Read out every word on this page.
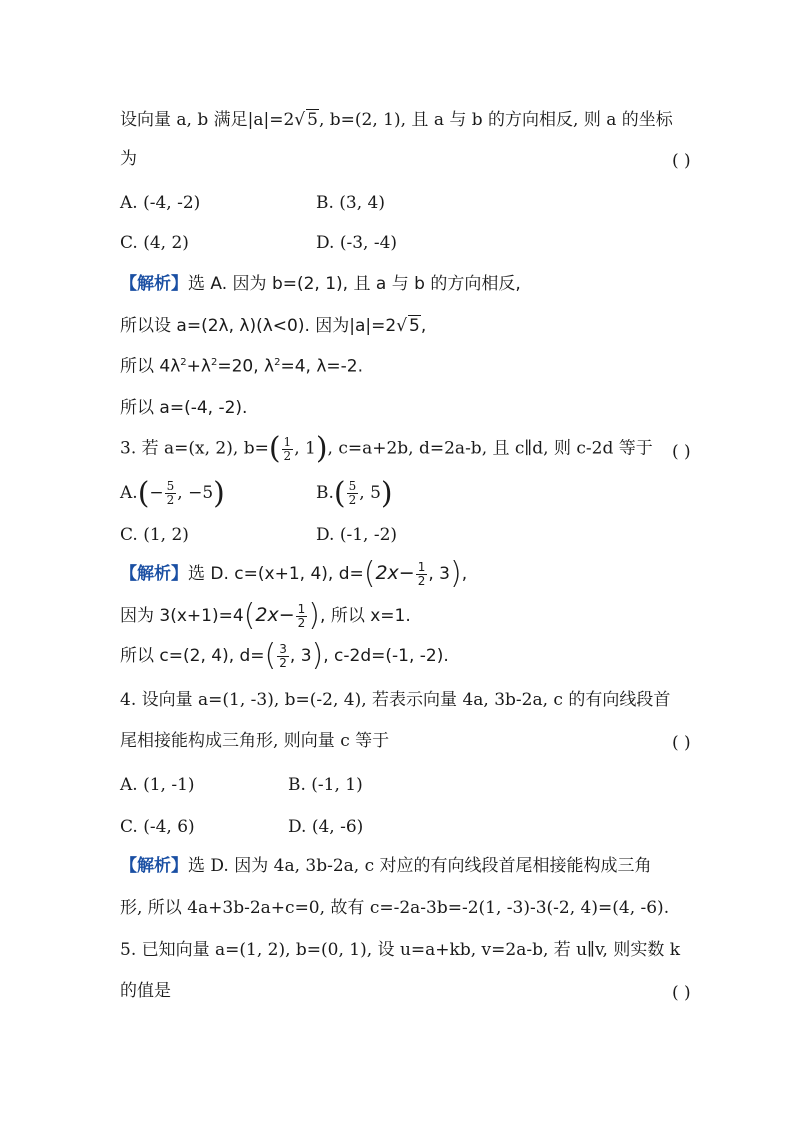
设向量 a, b 满足|a|=2√ 5, b=(2, 1), 且 a 与 b 的方向相反, 则 a 的坐标
为	( )
A. (-4, -2)	B. (3, 4)
C. (4, 2)	D. (-3, -4)
【解析】选 A. 因为 b=(2, 1), 且 a 与 b 的方向相反,
所以设 a=(2λ, λ)(λ<0). 因为|a|=2√ 5,
所以 $4\lambda^2+\lambda^2=20$, $\lambda^2=4$, λ=-2.
所以 a=(-4, -2).
3. 若 a=(x, 2), $b=( \frac{1}{2}$ , 1), c=a+2b, d=2a-b, 且 c∥d, 则 c-2d 等于 ( )
$A.(- \frac{5}{2}$ , −5)	$B.( \frac{5}{2}$ , 5)
C. (1, 2)	D. (-1, -2)
【解析】选 D. c=(x+1, 4), $d=(2x- \frac{1}{2}$ , 3),
因为 $3(x+1)=4(2x- \frac{1}{2}$ ), 所以 x=1.
所以 c=(2, 4), $d=( \frac{3}{2}$ , 3), c-2d=(-1, -2).
4. 设向量 a=(1, -3), b=(-2, 4), 若表示向量 4a, 3b-2a, c 的有向线段首
尾相接能构成三角形, 则向量 c 等于	( )
A. (1, -1)	B. (-1, 1)
C. (-4, 6)	D. (4, -6)
【解析】选 D. 因为 4a, 3b-2a, c 对应的有向线段首尾相接能构成三角
形, 所以 4a+3b-2a+c=0, 故有 c=-2a-3b=-2(1, -3)-3(-2, 4)=(4, -6).
5. 已知向量 a=(1, 2), b=(0, 1), 设 u=a+kb, v=2a-b, 若 u∥v, 则实数 k
的值是	( )
